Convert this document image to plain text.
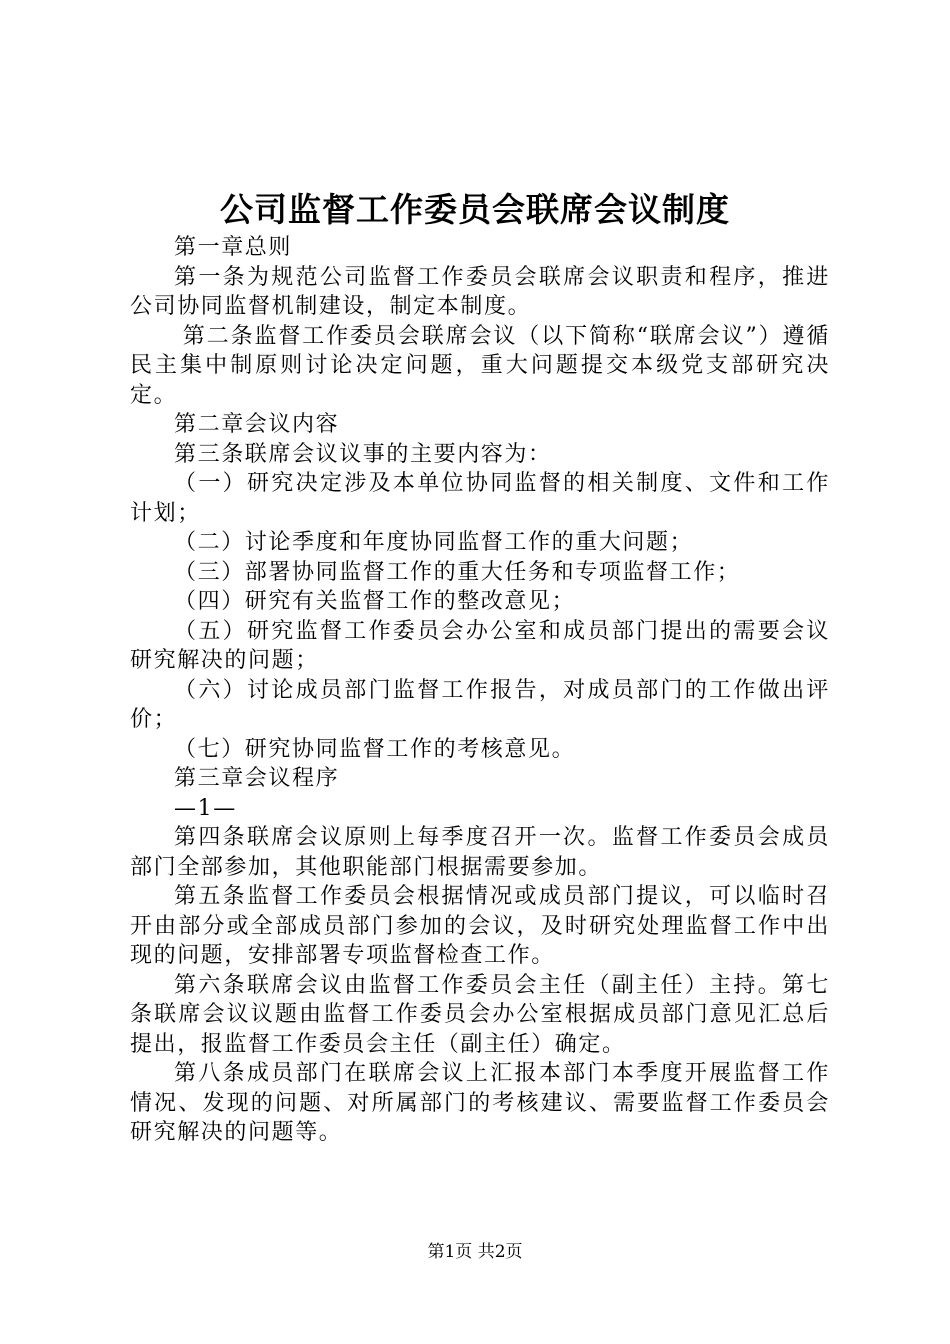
公司监督工作委员会联席会议制度

第一章总则

第一条为规范公司监督工作委员会联席会议职责和程序，推进公司协同监督机制建设，制定本制度。

第二条监督工作委员会联席会议（以下简称“联席会议”）遵循民主集中制原则讨论决定问题，重大问题提交本级党支部研究决定。

第二章会议内容

第三条联席会议议事的主要内容为：

（一）研究决定涉及本单位协同监督的相关制度、文件和工作计划；

（二）讨论季度和年度协同监督工作的重大问题；

（三）部署协同监督工作的重大任务和专项监督工作；

（四）研究有关监督工作的整改意见；

（五）研究监督工作委员会办公室和成员部门提出的需要会议研究解决的问题；

（六）讨论成员部门监督工作报告，对成员部门的工作做出评价；

（七）研究协同监督工作的考核意见。

第三章会议程序

—1—

第四条联席会议原则上每季度召开一次。监督工作委员会成员部门全部参加，其他职能部门根据需要参加。

第五条监督工作委员会根据情况或成员部门提议，可以临时召开由部分或全部成员部门参加的会议，及时研究处理监督工作中出现的问题，安排部署专项监督检查工作。

第六条联席会议由监督工作委员会主任（副主任）主持。第七条联席会议议题由监督工作委员会办公室根据成员部门意见汇总后提出，报监督工作委员会主任（副主任）确定。

第八条成员部门在联席会议上汇报本部门本季度开展监督工作情况、发现的问题、对所属部门的考核建议、需要监督工作委员会研究解决的问题等。

第1页 共2页
